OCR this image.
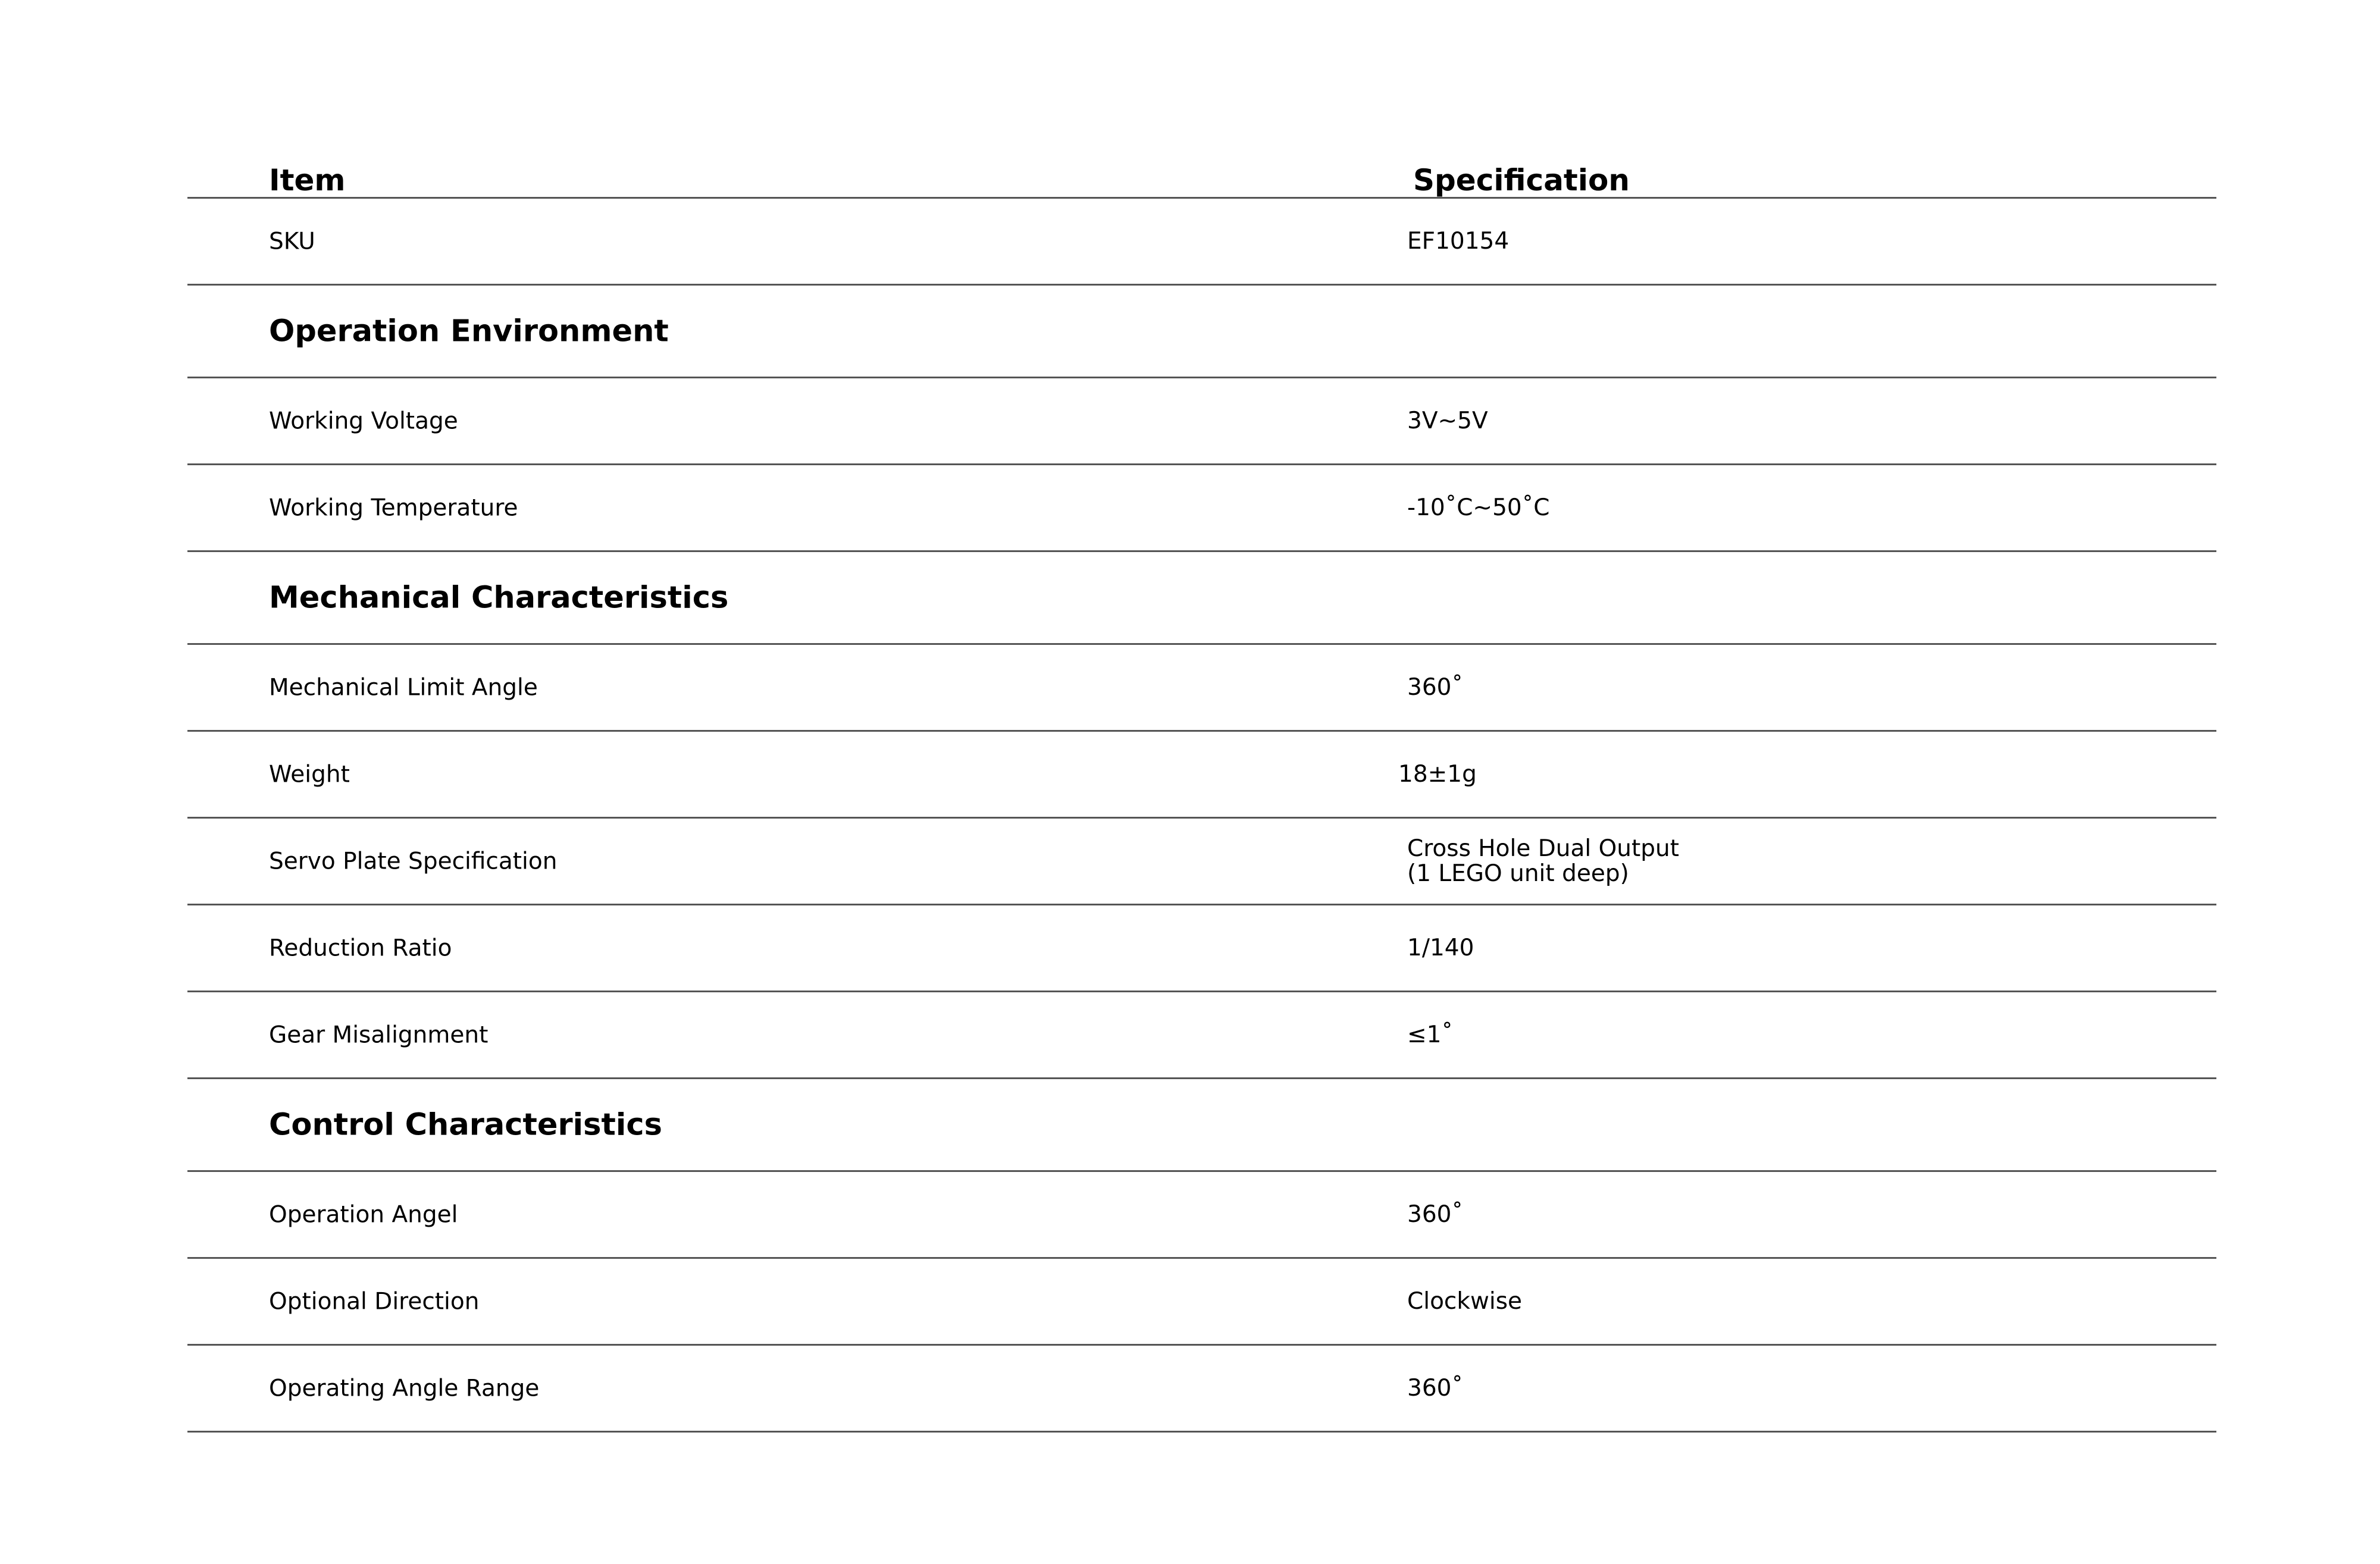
Item	Specification
SKU	EF10154
Operation Environment
Working Voltage	3V~5V
Working Temperature	-10˚C~50˚C
Mechanical Characteristics
Mechanical Limit Angle	360˚
Weight	18±1g
Servo Plate Specification	Cross Hole Dual Output
(1 LEGO unit deep)
Reduction Ratio	1/140
Gear Misalignment	≤1˚
Control Characteristics
Operation Angel	360˚
Optional Direction	Clockwise
Operating Angle Range	360˚
